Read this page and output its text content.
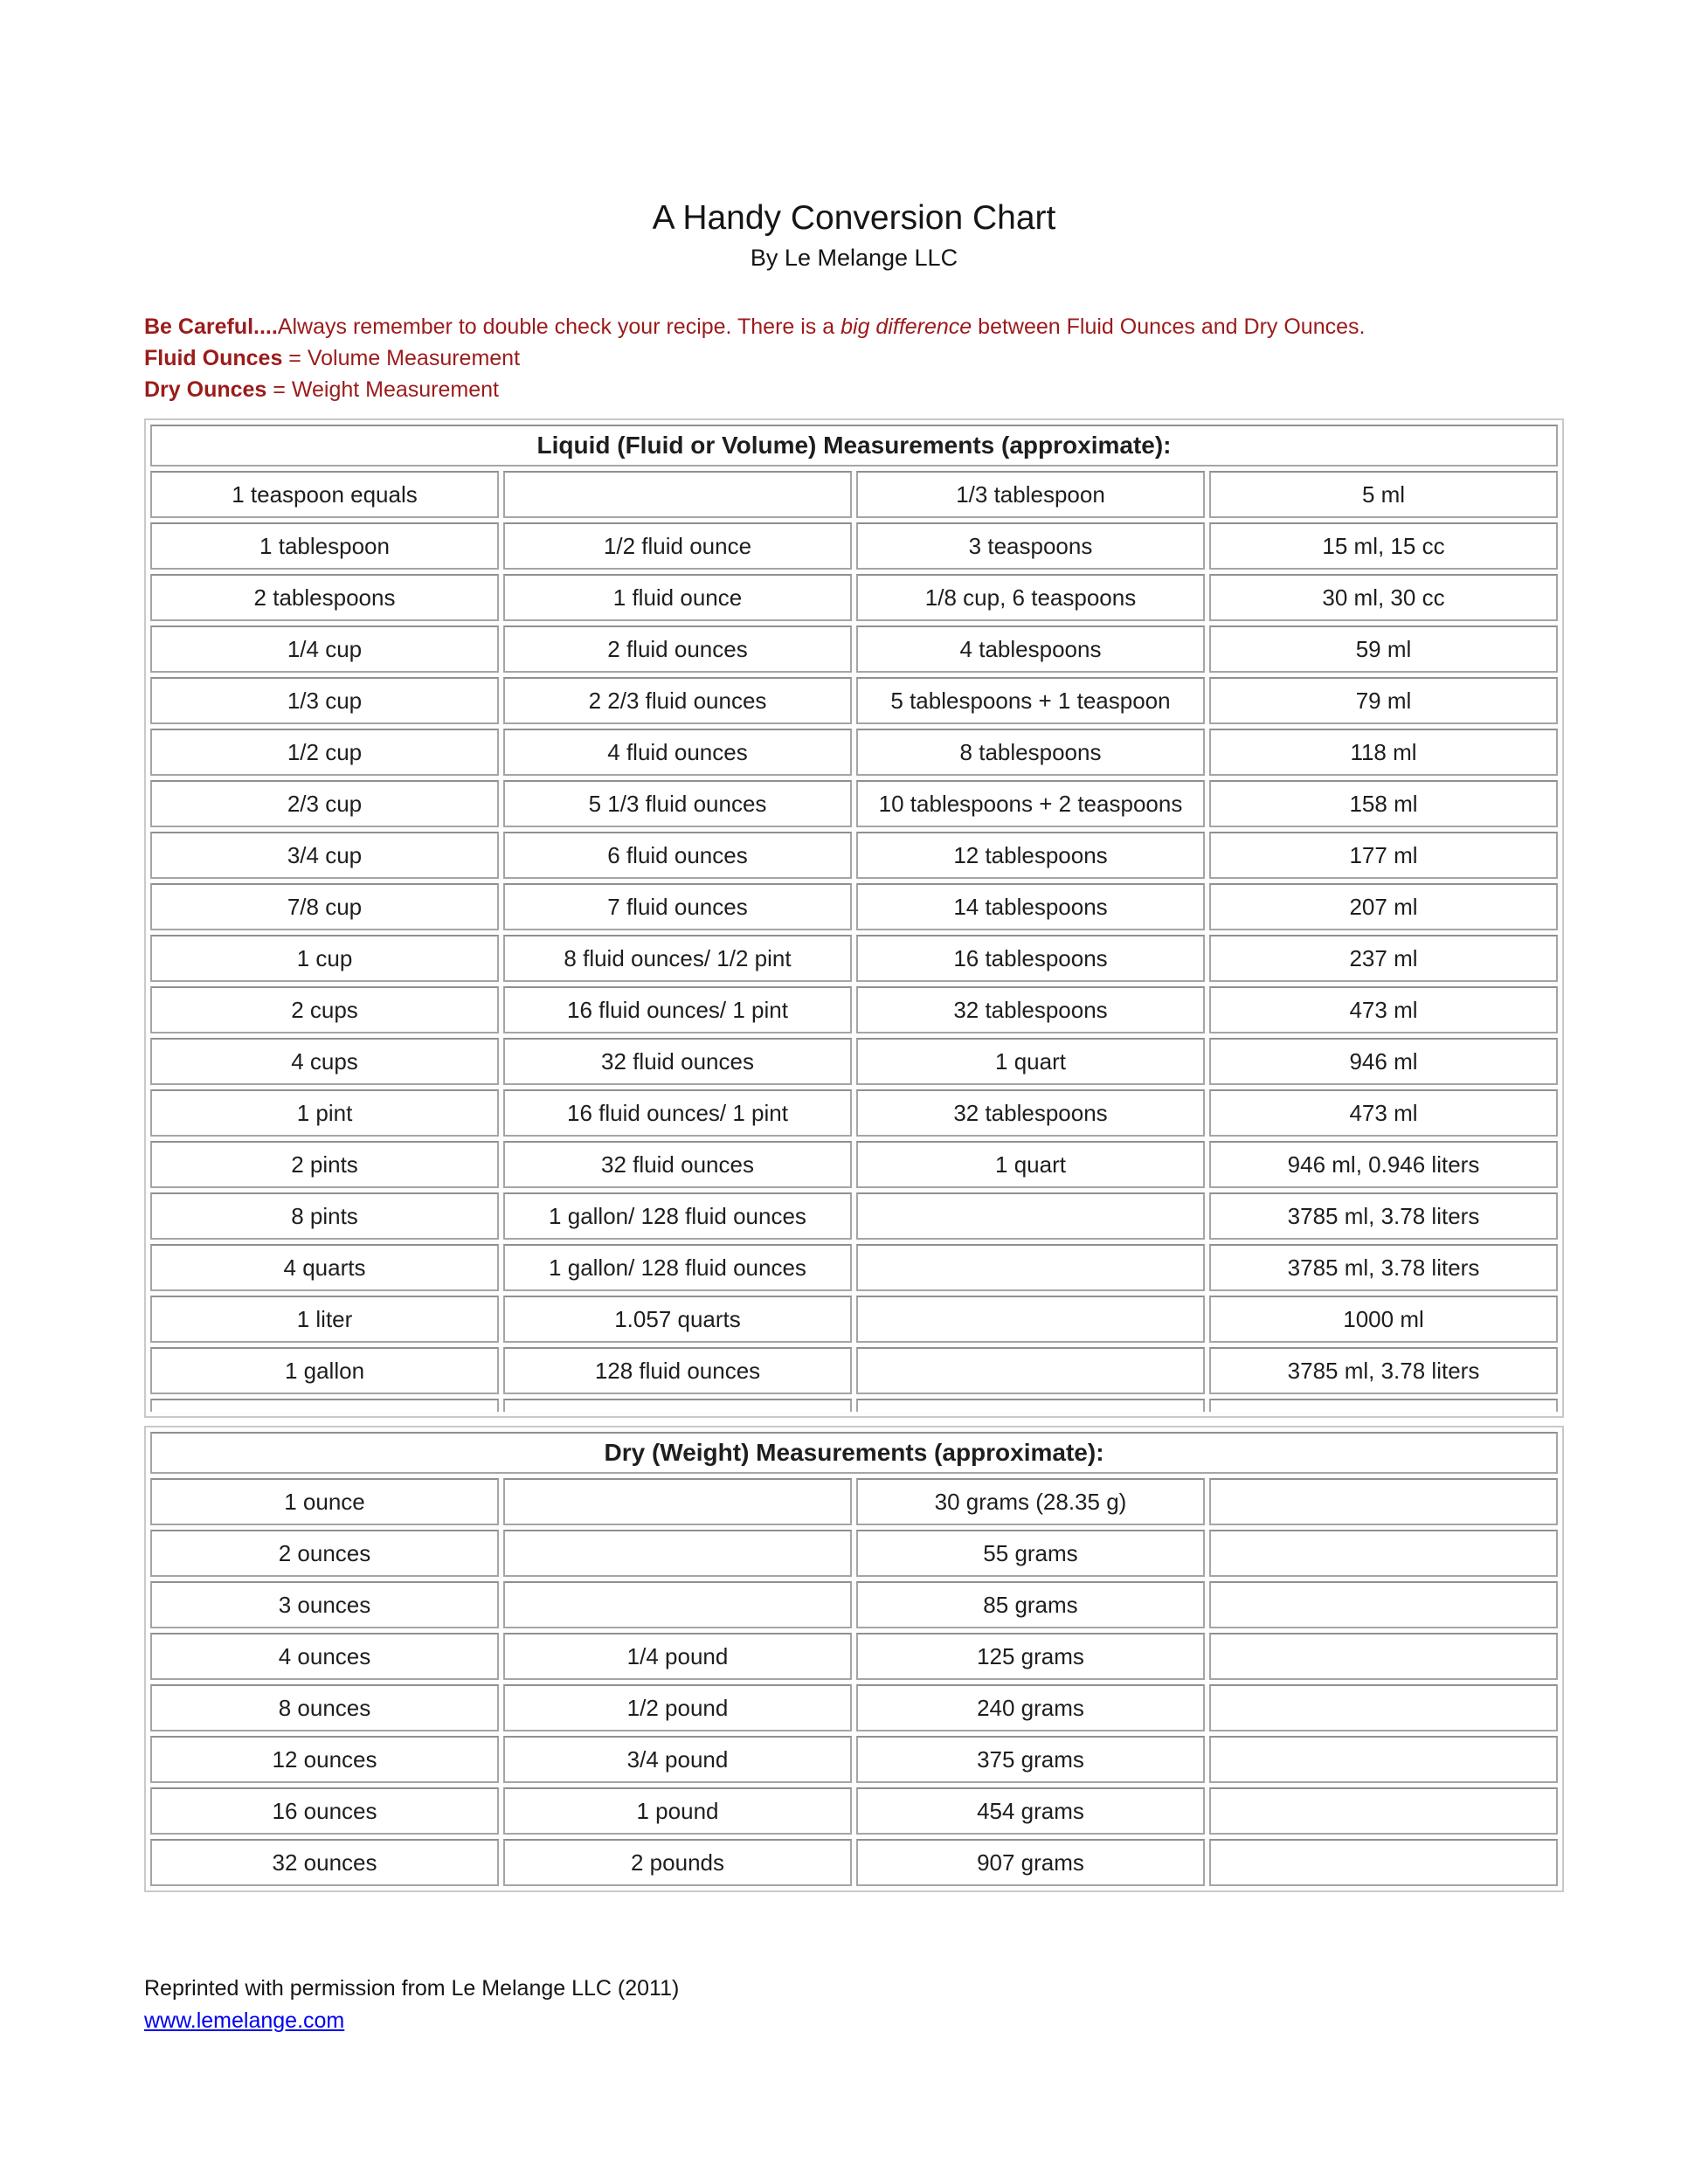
A Handy Conversion Chart
By Le Melange LLC

Be Careful....Always remember to double check your recipe. There is a big difference between Fluid Ounces and Dry Ounces.

Fluid Ounces = Volume Measurement

Dry Ounces = Weight Measurement

Liquid (Fluid or Volume) Measurements (approximate):			
1 teaspoon equals		1/3 tablespoon	5 ml
1 tablespoon	1/2 fluid ounce	3 teaspoons	15 ml, 15 cc
2 tablespoons	1 fluid ounce	1/8 cup, 6 teaspoons	30 ml, 30 cc
1/4 cup	2 fluid ounces	4 tablespoons	59 ml
1/3 cup	2 2/3 fluid ounces	5 tablespoons + 1 teaspoon	79 ml
1/2 cup	4 fluid ounces	8 tablespoons	118 ml
2/3 cup	5 1/3 fluid ounces	10 tablespoons + 2 teaspoons	158 ml
3/4 cup	6 fluid ounces	12 tablespoons	177 ml
7/8 cup	7 fluid ounces	14 tablespoons	207 ml
1 cup	8 fluid ounces/ 1/2 pint	16 tablespoons	237 ml
2 cups	16 fluid ounces/ 1 pint	32 tablespoons	473 ml
4 cups	32 fluid ounces	1 quart	946 ml
1 pint	16 fluid ounces/ 1 pint	32 tablespoons	473 ml
2 pints	32 fluid ounces	1 quart	946 ml, 0.946 liters
8 pints	1 gallon/ 128 fluid ounces		3785 ml, 3.78 liters
4 quarts	1 gallon/ 128 fluid ounces		3785 ml, 3.78 liters
1 liter	1.057 quarts		1000 ml
1 gallon	128 fluid ounces		3785 ml, 3.78 liters

Dry (Weight) Measurements (approximate):			
1 ounce		30 grams (28.35 g)	
2 ounces		55 grams	
3 ounces		85 grams	
4 ounces	1/4 pound	125 grams	
8 ounces	1/2 pound	240 grams	
12 ounces	3/4 pound	375 grams	
16 ounces	1 pound	454 grams	
32 ounces	2 pounds	907 grams	
Reprinted with permission from Le Melange LLC (2011)
www.lemelange.com
